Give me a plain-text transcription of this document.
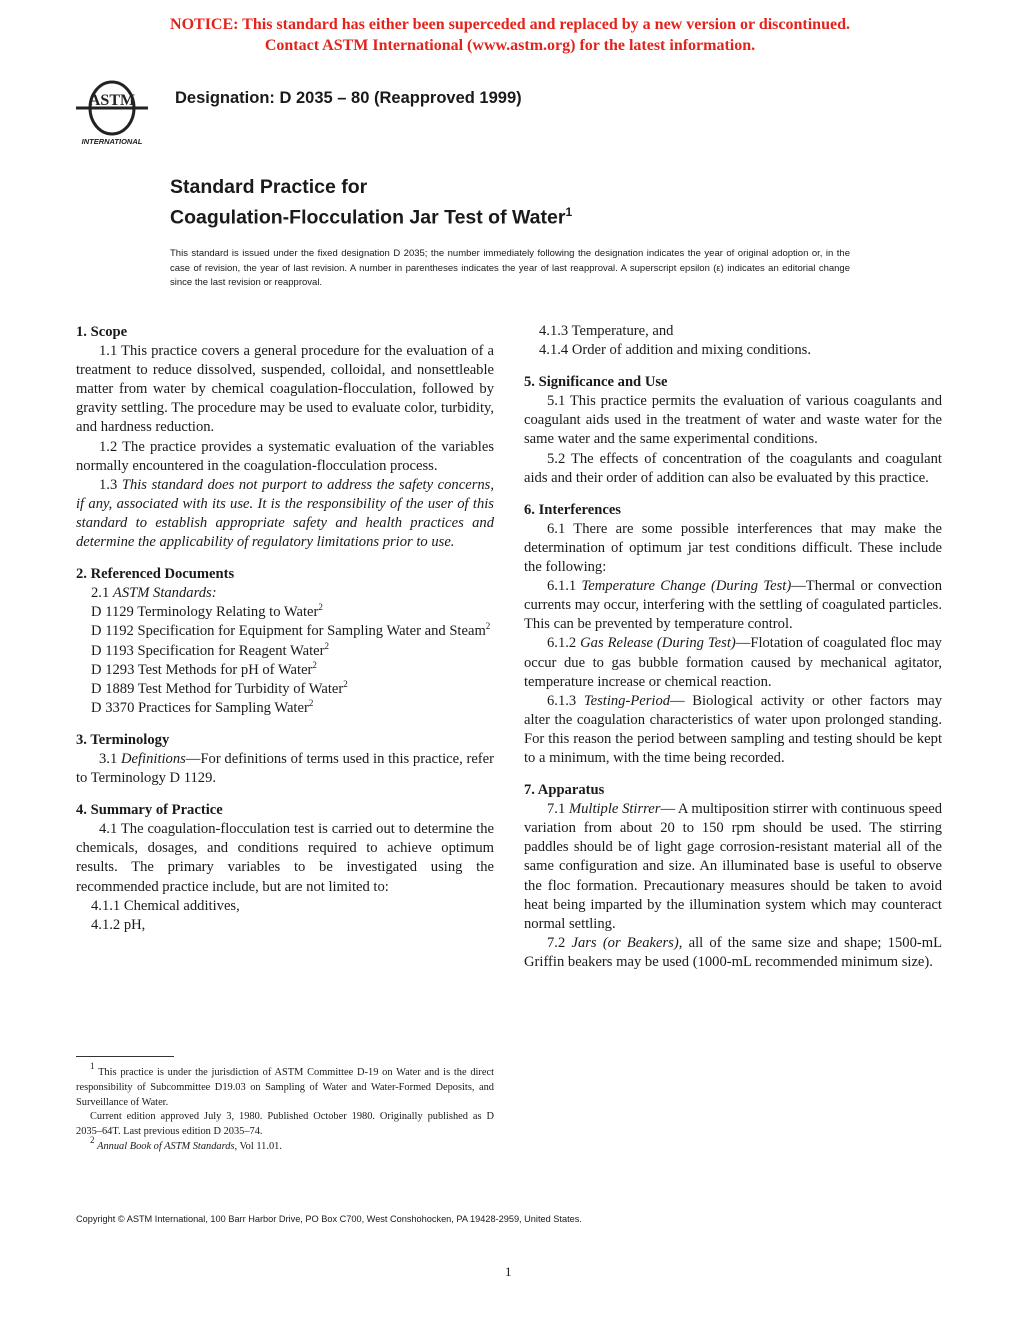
NOTICE: This standard has either been superceded and replaced by a new version or discontinued.
Contact ASTM International (www.astm.org) for the latest information.
ASTM
INTERNATIONAL
Designation: D 2035 – 80 (Reapproved 1999)
Standard Practice for
Coagulation-Flocculation Jar Test of Water$^1$
This standard is issued under the fixed designation D 2035; the number immediately following the designation indicates the year of original adoption or, in the case of revision, the year of last revision. A number in parentheses indicates the year of last reapproval. A superscript epsilon (ε) indicates an editorial change since the last revision or reapproval.

1. Scope

1.1 This practice covers a general procedure for the evaluation of a treatment to reduce dissolved, suspended, colloidal, and nonsettleable matter from water by chemical coagulation-flocculation, followed by gravity settling. The procedure may be used to evaluate color, turbidity, and hardness reduction.

1.2 The practice provides a systematic evaluation of the variables normally encountered in the coagulation-flocculation process.

1.3 This standard does not purport to address the safety concerns, if any, associated with its use. It is the responsibility of the user of this standard to establish appropriate safety and health practices and determine the applicability of regulatory limitations prior to use.

2. Referenced Documents

2.1 ASTM Standards:

D 1129 Terminology Relating to Water$^2$

D 1192 Specification for Equipment for Sampling Water and Steam$^2$

D 1193 Specification for Reagent Water$^2$

D 1293 Test Methods for pH of Water$^2$

D 1889 Test Method for Turbidity of Water$^2$

D 3370 Practices for Sampling Water$^2$

3. Terminology

3.1 Definitions—For definitions of terms used in this practice, refer to Terminology D 1129.

4. Summary of Practice

4.1 The coagulation-flocculation test is carried out to determine the chemicals, dosages, and conditions required to achieve optimum results. The primary variables to be investigated using the recommended practice include, but are not limited to:

4.1.1 Chemical additives,

4.1.2 pH,

4.1.3 Temperature, and

4.1.4 Order of addition and mixing conditions.

5. Significance and Use

5.1 This practice permits the evaluation of various coagulants and coagulant aids used in the treatment of water and waste water for the same water and the same experimental conditions.

5.2 The effects of concentration of the coagulants and coagulant aids and their order of addition can also be evaluated by this practice.

6. Interferences

6.1 There are some possible interferences that may make the determination of optimum jar test conditions difficult. These include the following:

6.1.1 Temperature Change (During Test)—Thermal or convection currents may occur, interfering with the settling of coagulated particles. This can be prevented by temperature control.

6.1.2 Gas Release (During Test)—Flotation of coagulated floc may occur due to gas bubble formation caused by mechanical agitator, temperature increase or chemical reaction.

6.1.3 Testing-Period— Biological activity or other factors may alter the coagulation characteristics of water upon prolonged standing. For this reason the period between sampling and testing should be kept to a minimum, with the time being recorded.

7. Apparatus

7.1 Multiple Stirrer— A multiposition stirrer with continuous speed variation from about 20 to 150 rpm should be used. The stirring paddles should be of light gage corrosion-resistant material all of the same configuration and size. An illuminated base is useful to observe the floc formation. Precautionary measures should be taken to avoid heat being imparted by the illumination system which may counteract normal settling.

7.2 Jars (or Beakers), all of the same size and shape; 1500-mL Griffin beakers may be used (1000-mL recommended minimum size).

$^1$ This practice is under the jurisdiction of ASTM Committee D-19 on Water and is the direct responsibility of Subcommittee D19.03 on Sampling of Water and Water-Formed Deposits, and Surveillance of Water.

Current edition approved July 3, 1980. Published October 1980. Originally published as D 2035–64T. Last previous edition D 2035–74.

$^2$ Annual Book of ASTM Standards, Vol 11.01.

Copyright © ASTM International, 100 Barr Harbor Drive, PO Box C700, West Conshohocken, PA 19428-2959, United States.
1
